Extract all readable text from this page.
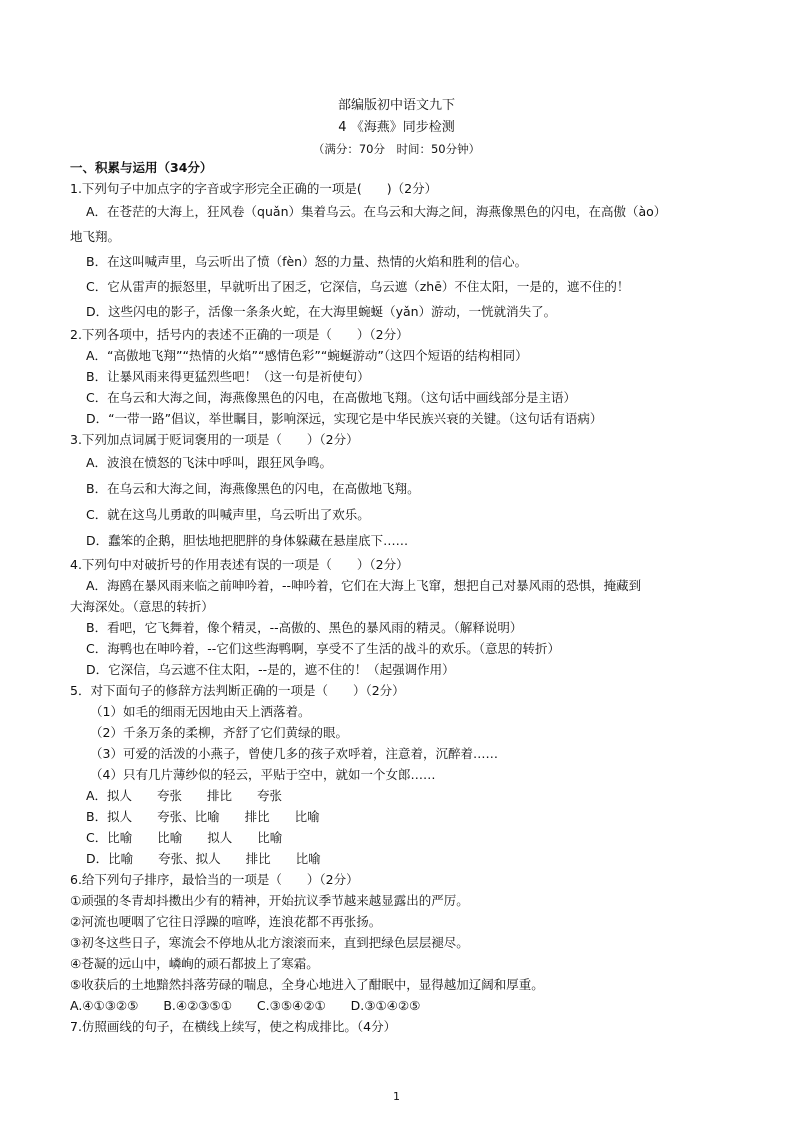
部编版初中语文九下
4 《海燕》同步检测
（满分：70分　时间：50分钟）
一、积累与运用（34分）
1.下列句子中加点字的字音或字形完全正确的一项是(　　)（2分）
A．在苍茫的大海上，狂风卷（quǎn）集着乌云。在乌云和大海之间，海燕像黑色的闪电，在高傲（ào）
地飞翔。
B．在这叫喊声里，乌云听出了愤（fèn）怒的力量、热情的火焰和胜利的信心。
C．它从雷声的振怒里，早就听出了困乏，它深信，乌云遮（zhē）不住太阳，一是的，遮不住的！
D．这些闪电的影子，活像一条条火蛇，在大海里蜿蜒（yǎn）游动，一恍就消失了。
2.下列各项中，括号内的表述不正确的一项是（　　）（2分）
A．“高傲地飞翔”“热情的火焰”“感情色彩”“蜿蜒游动”（这四个短语的结构相同）
B．让暴风雨来得更猛烈些吧！（这一句是祈使句）
C．在乌云和大海之间，海燕像黑色的闪电，在高傲地飞翔。（这句话中画线部分是主语）
D．“一带一路”倡议，举世瞩目，影响深远，实现它是中华民族兴衰的关键。（这句话有语病）
3.下列加点词属于贬词褒用的一项是（　　）（2分）
A．波浪在愤怒的飞沫中呼叫，跟狂风争鸣。
B．在乌云和大海之间，海燕像黑色的闪电，在高傲地飞翔。
C．就在这鸟儿勇敢的叫喊声里，乌云听出了欢乐。
D．蠢笨的企鹅，胆怯地把肥胖的身体躲藏在悬崖底下……
4.下列句中对破折号的作用表述有误的一项是（　　）（2分）
A．海鸥在暴风雨来临之前呻吟着，--呻吟着，它们在大海上飞窜，想把自己对暴风雨的恐惧，掩藏到
大海深处。（意思的转折）
B．看吧，它飞舞着，像个精灵，--高傲的、黑色的暴风雨的精灵。（解释说明）
C．海鸭也在呻吟着，--它们这些海鸭啊，享受不了生活的战斗的欢乐。（意思的转折）
D．它深信，乌云遮不住太阳，--是的，遮不住的！（起强调作用）
5．对下面句子的修辞方法判断正确的一项是（　　）（2分）
（1）如毛的细雨无因地由天上洒落着。
（2）千条万条的柔柳，齐舒了它们黄绿的眼。
（3）可爱的活泼的小燕子，曾使几多的孩子欢呼着，注意着，沉醉着……
（4）只有几片薄纱似的轻云，平贴于空中，就如一个女郎……
A．拟人　　夸张　　排比　　夸张
B．拟人　　夸张、比喻　　排比　　比喻
C．比喻　　比喻　　拟人　　比喻
D．比喻　　夸张、拟人　　排比　　比喻
6.给下列句子排序，最恰当的一项是（　　）（2分）
①顽强的冬青却抖擞出少有的精神，开始抗议季节越来越显露出的严厉。
②河流也哽咽了它往日浮躁的喧哗，连浪花都不再张扬。
③初冬这些日子，寒流会不停地从北方滚滚而来，直到把绿色层层褪尽。
④苍凝的远山中，嶙峋的顽石都披上了寒霜。
⑤收获后的土地黯然抖落劳碌的喘息，全身心地进入了酣眠中，显得越加辽阔和厚重。
A.④①③②⑤　　B.④②③⑤①　　C.③⑤④②①　　D.③①④②⑤
7.仿照画线的句子，在横线上续写，使之构成排比。（4分）
1
